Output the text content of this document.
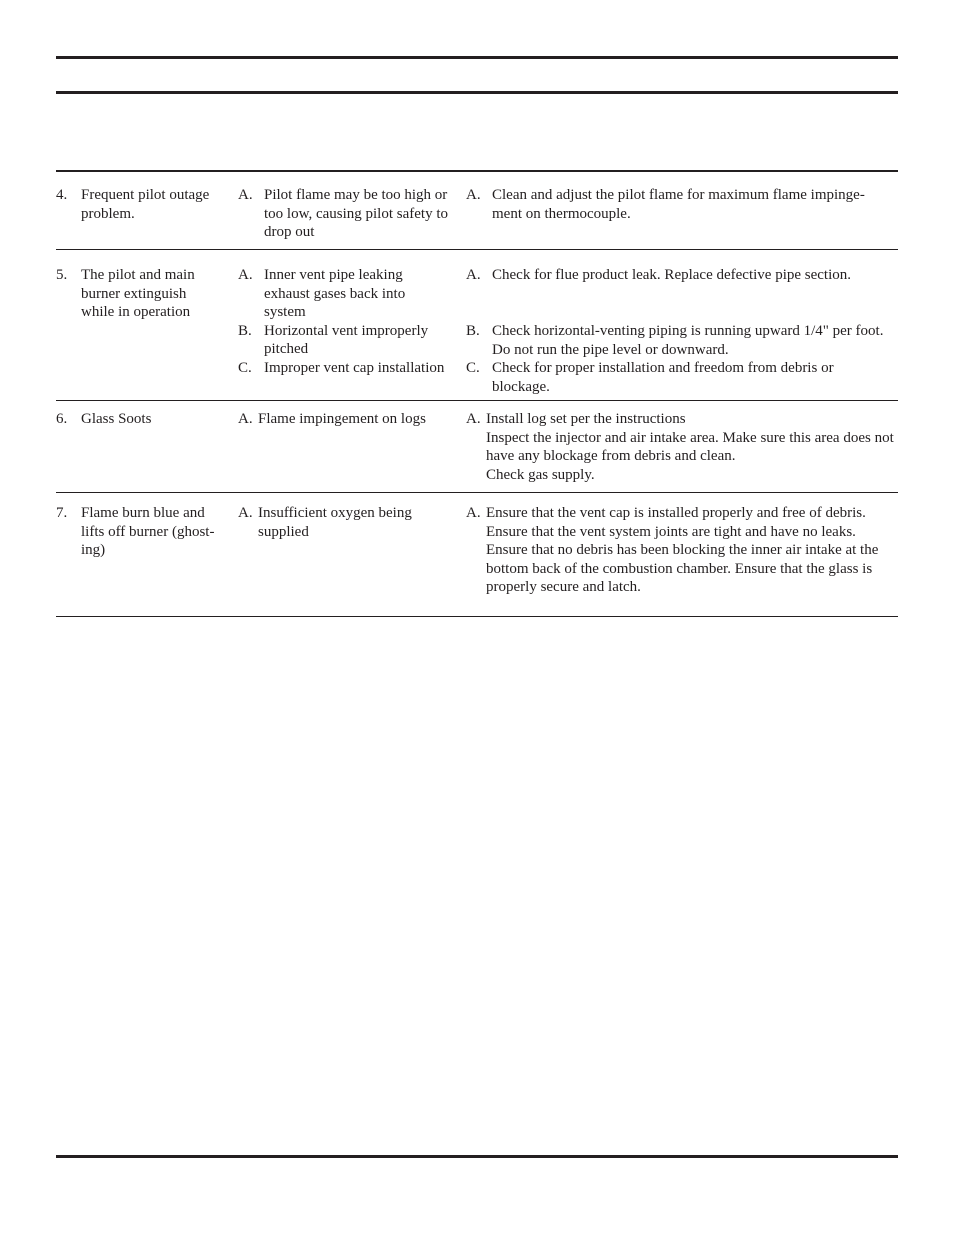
4. Frequent pilot outage problem.
A. Pilot flame may be too high or too low, causing pilot safety to drop out
A. Clean and adjust the pilot flame for maximum flame impinge- ment on thermocouple.
5. The pilot and main burner extinguish while in operation
A. Inner vent pipe leaking exhaust gases back into system
B. Horizontal vent improperly pitched
C. Improper vent cap installation
A. Check for flue product leak. Replace defective pipe section.
B. Check horizontal-venting piping is running upward 1/4" per foot. Do not run the pipe level or downward.
C. Check for proper installation and freedom from debris or blockage.
6. Glass Soots	A. Flame impingement on logs	A. Install log set per the instructions
Inspect the injector and air intake area. Make sure this area does not have any blockage from debris and clean.
Check gas supply.
7. Flame burn blue and lifts off burner (ghost- ing)
A. Insufficient oxygen being supplied
A. Ensure that the vent cap is installed properly and free of debris.
Ensure that the vent system joints are tight and have no leaks.
Ensure that no debris has been blocking the inner air intake at the bottom back of the combustion chamber. Ensure that the glass is properly secure and latch.
